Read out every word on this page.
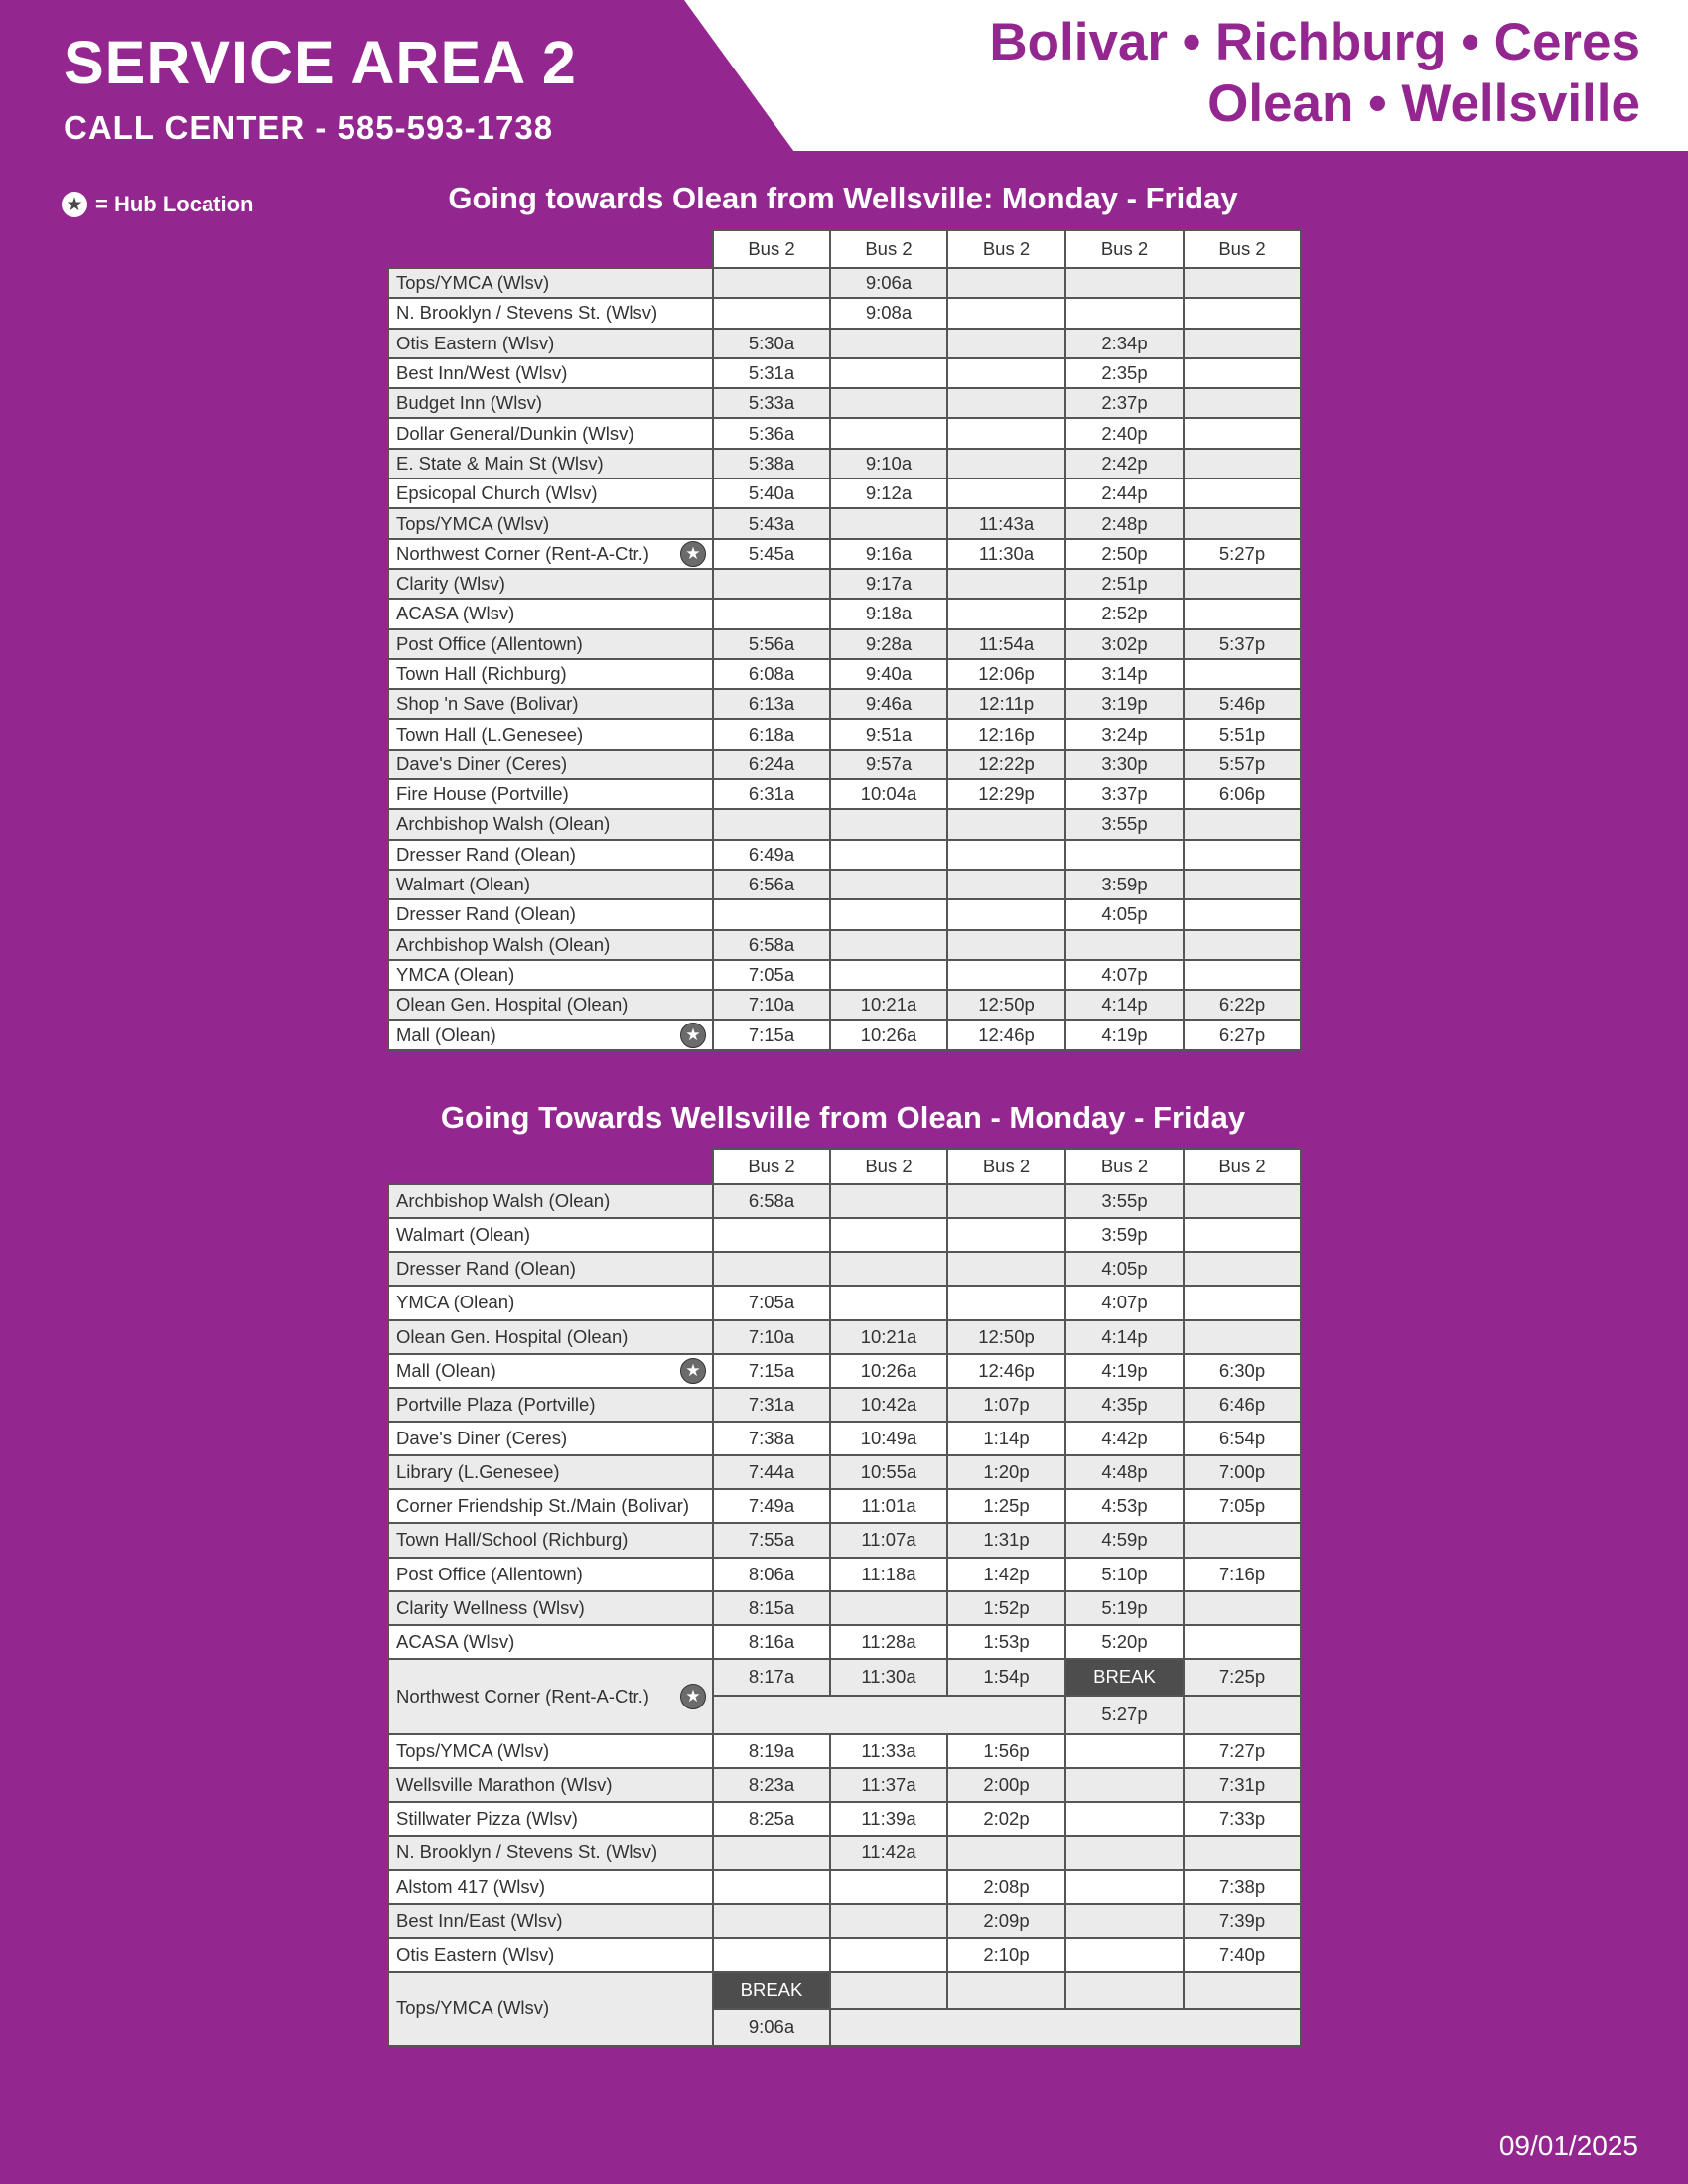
SERVICE AREA 2
CALL CENTER - 585-593-1738
Bolivar • Richburg • Ceres
Olean • Wellsville
★ = Hub Location	Going towards Olean from Wellsville: Monday - Friday
	Bus 2	Bus 2	Bus 2	Bus 2	Bus 2
Tops/YMCA (Wlsv)		9:06a			
N. Brooklyn / Stevens St. (Wlsv)		9:08a			
Otis Eastern (Wlsv)	5:30a			2:34p	
Best Inn/West (Wlsv)	5:31a			2:35p	
Budget Inn (Wlsv)	5:33a			2:37p	
Dollar General/Dunkin (Wlsv)	5:36a			2:40p	
E. State & Main St (Wlsv)	5:38a	9:10a		2:42p	
Epsicopal Church (Wlsv)	5:40a	9:12a		2:44p	
Tops/YMCA (Wlsv)	5:43a		11:43a	2:48p	
Northwest Corner (Rent-A-Ctr.) ★	5:45a	9:16a	11:30a	2:50p	5:27p
Clarity (Wlsv)		9:17a		2:51p	
ACASA (Wlsv)		9:18a		2:52p	
Post Office (Allentown)	5:56a	9:28a	11:54a	3:02p	5:37p
Town Hall (Richburg)	6:08a	9:40a	12:06p	3:14p	
Shop 'n Save (Bolivar)	6:13a	9:46a	12:11p	3:19p	5:46p
Town Hall (L.Genesee)	6:18a	9:51a	12:16p	3:24p	5:51p
Dave's Diner (Ceres)	6:24a	9:57a	12:22p	3:30p	5:57p
Fire House (Portville)	6:31a	10:04a	12:29p	3:37p	6:06p
Archbishop Walsh (Olean)				3:55p	
Dresser Rand (Olean)	6:49a				
Walmart (Olean)	6:56a			3:59p	
Dresser Rand (Olean)				4:05p	
Archbishop Walsh (Olean)	6:58a				
YMCA (Olean)	7:05a			4:07p	
Olean Gen. Hospital (Olean)	7:10a	10:21a	12:50p	4:14p	6:22p
Mall (Olean) ★	7:15a	10:26a	12:46p	4:19p	6:27p
Going Towards Wellsville from Olean - Monday - Friday
	Bus 2	Bus 2	Bus 2	Bus 2	Bus 2
Archbishop Walsh (Olean)	6:58a			3:55p	
Walmart (Olean)				3:59p	
Dresser Rand (Olean)				4:05p	
YMCA (Olean)	7:05a			4:07p	
Olean Gen. Hospital (Olean)	7:10a	10:21a	12:50p	4:14p	
Mall (Olean) ★	7:15a	10:26a	12:46p	4:19p	6:30p
Portville Plaza (Portville)	7:31a	10:42a	1:07p	4:35p	6:46p
Dave's Diner (Ceres)	7:38a	10:49a	1:14p	4:42p	6:54p
Library (L.Genesee)	7:44a	10:55a	1:20p	4:48p	7:00p
Corner Friendship St./Main (Bolivar)	7:49a	11:01a	1:25p	4:53p	7:05p
Town Hall/School (Richburg)	7:55a	11:07a	1:31p	4:59p	
Post Office (Allentown)	8:06a	11:18a	1:42p	5:10p	7:16p
Clarity Wellness (Wlsv)	8:15a		1:52p	5:19p	
ACASA (Wlsv)	8:16a	11:28a	1:53p	5:20p	
Northwest Corner (Rent-A-Ctr.) ★	8:17a	11:30a	1:54p	BREAK	7:25p
				5:27p	
Tops/YMCA (Wlsv)	8:19a	11:33a	1:56p		7:27p
Wellsville Marathon (Wlsv)	8:23a	11:37a	2:00p		7:31p
Stillwater Pizza (Wlsv)	8:25a	11:39a	2:02p		7:33p
N. Brooklyn / Stevens St. (Wlsv)		11:42a			
Alstom 417 (Wlsv)			2:08p		7:38p
Best Inn/East (Wlsv)			2:09p		7:39p
Otis Eastern (Wlsv)			2:10p		7:40p
Tops/YMCA (Wlsv)	BREAK				
	9:06a				
09/01/2025
